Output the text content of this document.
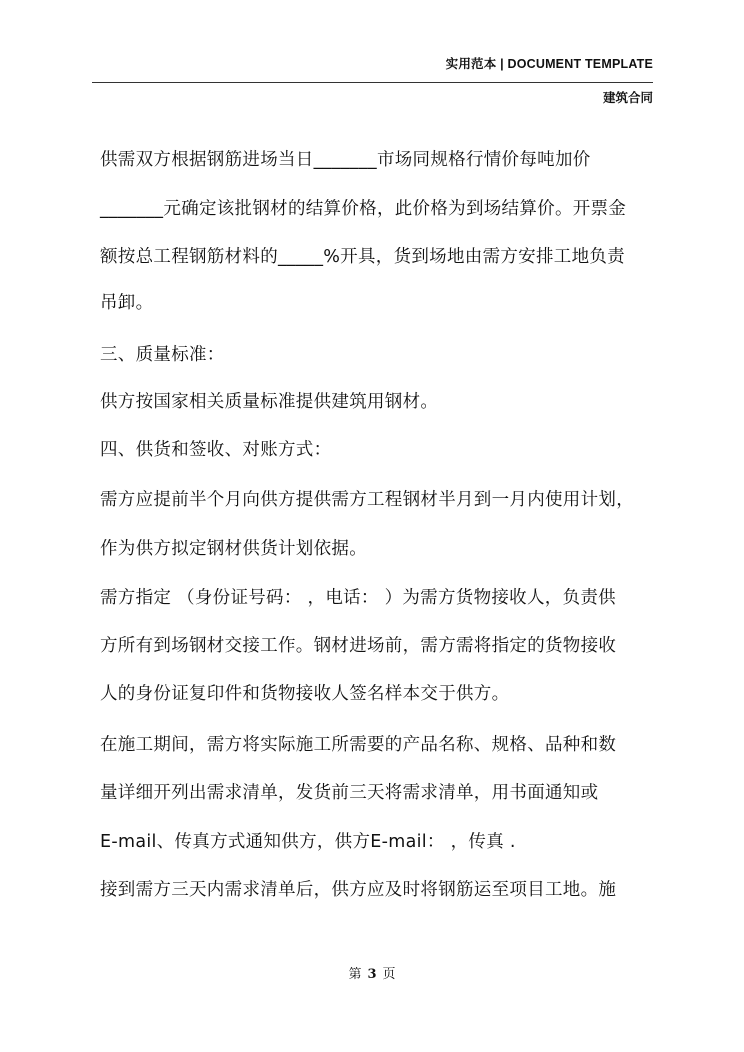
实用范本 | DOCUMENT TEMPLATE
建筑合同
供需双方根据钢筋进场当日_______市场同规格行情价每吨加价
_______元确定该批钢材的结算价格，此价格为到场结算价。开票金
额按总工程钢筋材料的_____%开具，货到场地由需方安排工地负责
吊卸。
三、质量标准：
供方按国家相关质量标准提供建筑用钢材。
四、供货和签收、对账方式：
需方应提前半个月向供方提供需方工程钢材半月到一月内使用计划，
作为供方拟定钢材供货计划依据。
需方指定 （身份证号码： ，电话： ）为需方货物接收人，负责供
方所有到场钢材交接工作。钢材进场前，需方需将指定的货物接收
人的身份证复印件和货物接收人签名样本交于供方。
在施工期间，需方将实际施工所需要的产品名称、规格、品种和数
量详细开列出需求清单，发货前三天将需求清单，用书面通知或
E-mail、传真方式通知供方，供方E-mail： ，传真 .
接到需方三天内需求清单后，供方应及时将钢筋运至项目工地。施
第 3 页
